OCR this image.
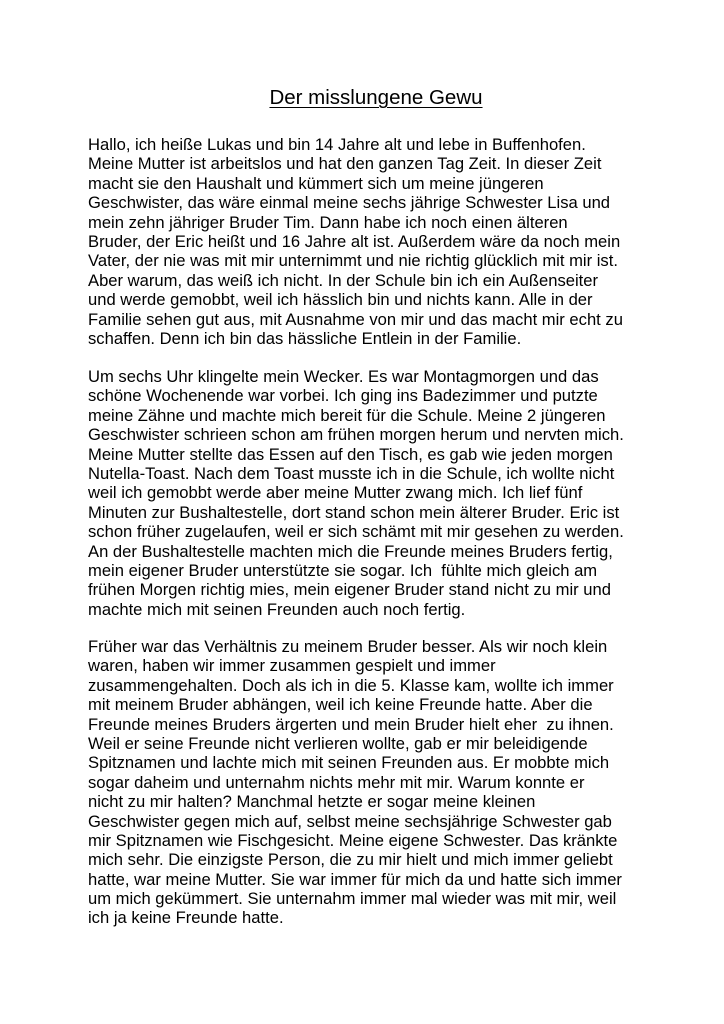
Der misslungene Gewu
Hallo, ich heiße Lukas und bin 14 Jahre alt und lebe in Buffenhofen.
Meine Mutter ist arbeitslos und hat den ganzen Tag Zeit. In dieser Zeit
macht sie den Haushalt und kümmert sich um meine jüngeren
Geschwister, das wäre einmal meine sechs jährige Schwester Lisa und
mein zehn jähriger Bruder Tim. Dann habe ich noch einen älteren
Bruder, der Eric heißt und 16 Jahre alt ist. Außerdem wäre da noch mein
Vater, der nie was mit mir unternimmt und nie richtig glücklich mit mir ist.
Aber warum, das weiß ich nicht. In der Schule bin ich ein Außenseiter
und werde gemobbt, weil ich hässlich bin und nichts kann. Alle in der
Familie sehen gut aus, mit Ausnahme von mir und das macht mir echt zu
schaffen. Denn ich bin das hässliche Entlein in der Familie.
Um sechs Uhr klingelte mein Wecker. Es war Montagmorgen und das
schöne Wochenende war vorbei. Ich ging ins Badezimmer und putzte
meine Zähne und machte mich bereit für die Schule. Meine 2 jüngeren
Geschwister schrieen schon am frühen morgen herum und nervten mich.
Meine Mutter stellte das Essen auf den Tisch, es gab wie jeden morgen
Nutella-Toast. Nach dem Toast musste ich in die Schule, ich wollte nicht
weil ich gemobbt werde aber meine Mutter zwang mich. Ich lief fünf
Minuten zur Bushaltestelle, dort stand schon mein älterer Bruder. Eric ist
schon früher zugelaufen, weil er sich schämt mit mir gesehen zu werden.
An der Bushaltestelle machten mich die Freunde meines Bruders fertig,
mein eigener Bruder unterstützte sie sogar. Ich  fühlte mich gleich am
frühen Morgen richtig mies, mein eigener Bruder stand nicht zu mir und
machte mich mit seinen Freunden auch noch fertig.
Früher war das Verhältnis zu meinem Bruder besser. Als wir noch klein
waren, haben wir immer zusammen gespielt und immer
zusammengehalten. Doch als ich in die 5. Klasse kam, wollte ich immer
mit meinem Bruder abhängen, weil ich keine Freunde hatte. Aber die
Freunde meines Bruders ärgerten und mein Bruder hielt eher  zu ihnen.
Weil er seine Freunde nicht verlieren wollte, gab er mir beleidigende
Spitznamen und lachte mich mit seinen Freunden aus. Er mobbte mich
sogar daheim und unternahm nichts mehr mit mir. Warum konnte er
nicht zu mir halten? Manchmal hetzte er sogar meine kleinen
Geschwister gegen mich auf, selbst meine sechsjährige Schwester gab
mir Spitznamen wie Fischgesicht. Meine eigene Schwester. Das kränkte
mich sehr. Die einzigste Person, die zu mir hielt und mich immer geliebt
hatte, war meine Mutter. Sie war immer für mich da und hatte sich immer
um mich gekümmert. Sie unternahm immer mal wieder was mit mir, weil
ich ja keine Freunde hatte.
